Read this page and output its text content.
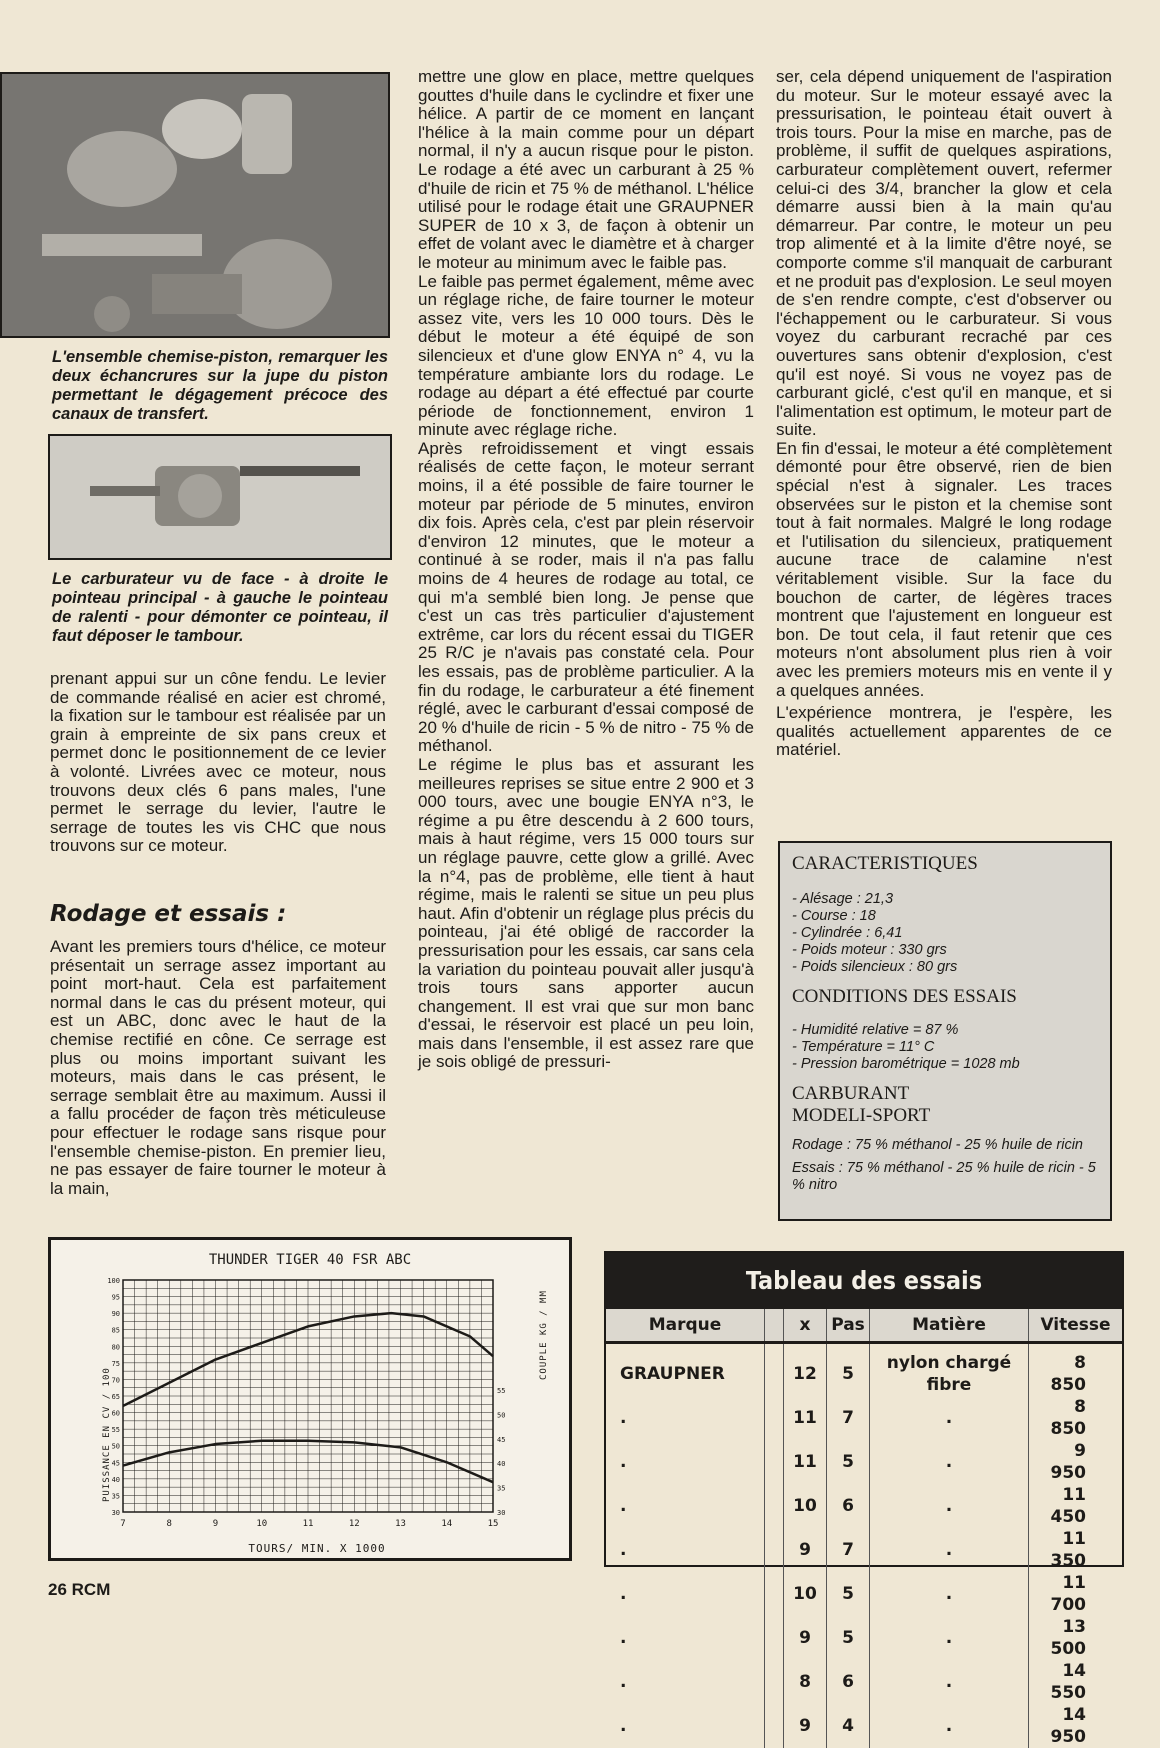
L'ensemble chemise-piston, remarquer les deux échancrures sur la jupe du piston permettant le dégagement précoce des canaux de transfert.
Le carburateur vu de face - à droite le pointeau principal - à gauche le pointeau de ralenti - pour démonter ce pointeau, il faut déposer le tambour.

prenant appui sur un cône fendu. Le levier de commande réalisé en acier est chromé, la fixation sur le tambour est réalisée par un grain à empreinte de six pans creux et permet donc le positionnement de ce levier à volonté. Livrées avec ce moteur, nous trouvons deux clés 6 pans males, l'une permet le serrage du levier, l'autre le serrage de toutes les vis CHC que nous trouvons sur ce moteur.

Rodage et essais :

Avant les premiers tours d'hélice, ce moteur présentait un serrage assez important au point mort-haut. Cela est parfaitement normal dans le cas du présent moteur, qui est un ABC, donc avec le haut de la chemise rectifié en cône. Ce serrage est plus ou moins important suivant les moteurs, mais dans le cas présent, le serrage semblait être au maximum. Aussi il a fallu procéder de façon très méticuleuse pour effectuer le rodage sans risque pour l'ensemble chemise-piston. En premier lieu, ne pas essayer de faire tourner le moteur à la main,

mettre une glow en place, mettre quelques gouttes d'huile dans le cyclindre et fixer une hélice. A partir de ce moment en lançant l'hélice à la main comme pour un départ normal, il n'y a aucun risque pour le piston. Le rodage a été avec un carburant à 25 % d'huile de ricin et 75 % de méthanol. L'hélice utilisé pour le rodage était une GRAUPNER SUPER de 10 x 3, de façon à obtenir un effet de volant avec le diamètre et à charger le moteur au minimum avec le faible pas.

Le faible pas permet également, même avec un réglage riche, de faire tourner le moteur assez vite, vers les 10 000 tours. Dès le début le moteur a été équipé de son silencieux et d'une glow ENYA n° 4, vu la température ambiante lors du rodage. Le rodage au départ a été effectué par courte période de fonctionnement, environ 1 minute avec réglage riche.

Après refroidissement et vingt essais réalisés de cette façon, le moteur serrant moins, il a été possible de faire tourner le moteur par période de 5 minutes, environ dix fois. Après cela, c'est par plein réservoir d'environ 12 minutes, que le moteur a continué à se roder, mais il n'a pas fallu moins de 4 heures de rodage au total, ce qui m'a semblé bien long. Je pense que c'est un cas très particulier d'ajustement extrême, car lors du récent essai du TIGER 25 R/C je n'avais pas constaté cela. Pour les essais, pas de problème particulier. A la fin du rodage, le carburateur a été finement réglé, avec le carburant d'essai composé de 20 % d'huile de ricin - 5 % de nitro - 75 % de méthanol.

Le régime le plus bas et assurant les meilleures reprises se situe entre 2 900 et 3 000 tours, avec une bougie ENYA n°3, le régime a pu être descendu à 2 600 tours, mais à haut régime, vers 15 000 tours sur un réglage pauvre, cette glow a grillé. Avec la n°4, pas de problème, elle tient à haut régime, mais le ralenti se situe un peu plus haut. Afin d'obtenir un réglage plus précis du pointeau, j'ai été obligé de raccorder la pressurisation pour les essais, car sans cela la variation du pointeau pouvait aller jusqu'à trois tours sans apporter aucun changement. Il est vrai que sur mon banc d'essai, le réservoir est placé un peu loin, mais dans l'ensemble, il est assez rare que je sois obligé de pressuri-

ser, cela dépend uniquement de l'aspiration du moteur. Sur le moteur essayé avec la pressurisation, le pointeau était ouvert à trois tours. Pour la mise en marche, pas de problème, il suffit de quelques aspirations, carburateur complètement ouvert, refermer celui-ci des 3/4, brancher la glow et cela démarre aussi bien à la main qu'au démarreur. Par contre, le moteur un peu trop alimenté et à la limite d'être noyé, se comporte comme s'il manquait de carburant et ne produit pas d'explosion. Le seul moyen de s'en rendre compte, c'est d'observer ou l'échappement ou le carburateur. Si vous voyez du carburant recraché par ces ouvertures sans obtenir d'explosion, c'est qu'il est noyé. Si vous ne voyez pas de carburant giclé, c'est qu'il en manque, et si l'alimentation est optimum, le moteur part de suite.

En fin d'essai, le moteur a été complètement démonté pour être observé, rien de bien spécial n'est à signaler. Les traces observées sur le piston et la chemise sont tout à fait normales. Malgré le long rodage et l'utilisation du silencieux, pratiquement aucune trace de calamine n'est véritablement visible. Sur la face du bouchon de carter, de légères traces montrent que l'ajustement en longueur est bon. De tout cela, il faut retenir que ces moteurs n'ont absolument plus rien à voir avec les premiers moteurs mis en vente il y a quelques années.

L'expérience montrera, je l'espère, les qualités actuellement apparentes de ce matériel.

CARACTERISTIQUES
- Alésage : 21,3
- Course : 18
- Cylindrée : 6,41
- Poids moteur : 330 grs
- Poids silencieux : 80 grs
CONDITIONS DES ESSAIS
- Humidité relative = 87 %
- Température = 11° C
- Pression barométrique = 1028 mb
CARBURANT
MODELI-SPORT

Rodage : 75 % méthanol - 25 % huile de ricin

Essais : 75 % méthanol - 25 % huile de ricin - 5 % nitro

THUNDER TIGER 40 FSR ABC
TOURS/ MIN. X 1000
PUISSANCE EN CV / 100
COUPLE KG / MM
7	8	9	10	11	12	13	14	15
100
95
90
85
80
75
70
65
60
55
50
45
40
35
30
55
50
45
40
35
30
Tableau des essais
Marque		x	Pas	Matière	Vitesse
GRAUPNER		12	5	nylon chargé fibre	8 850
.		11	7	.	8 850
.		11	5	.	9 950
.		10	6	.	11 450
.		9	7	.	11 350
.		10	5	.	11 700
.		9	5	.	13 500
.		8	6	.	14 550
.		9	4	.	14 950
26 RCM
